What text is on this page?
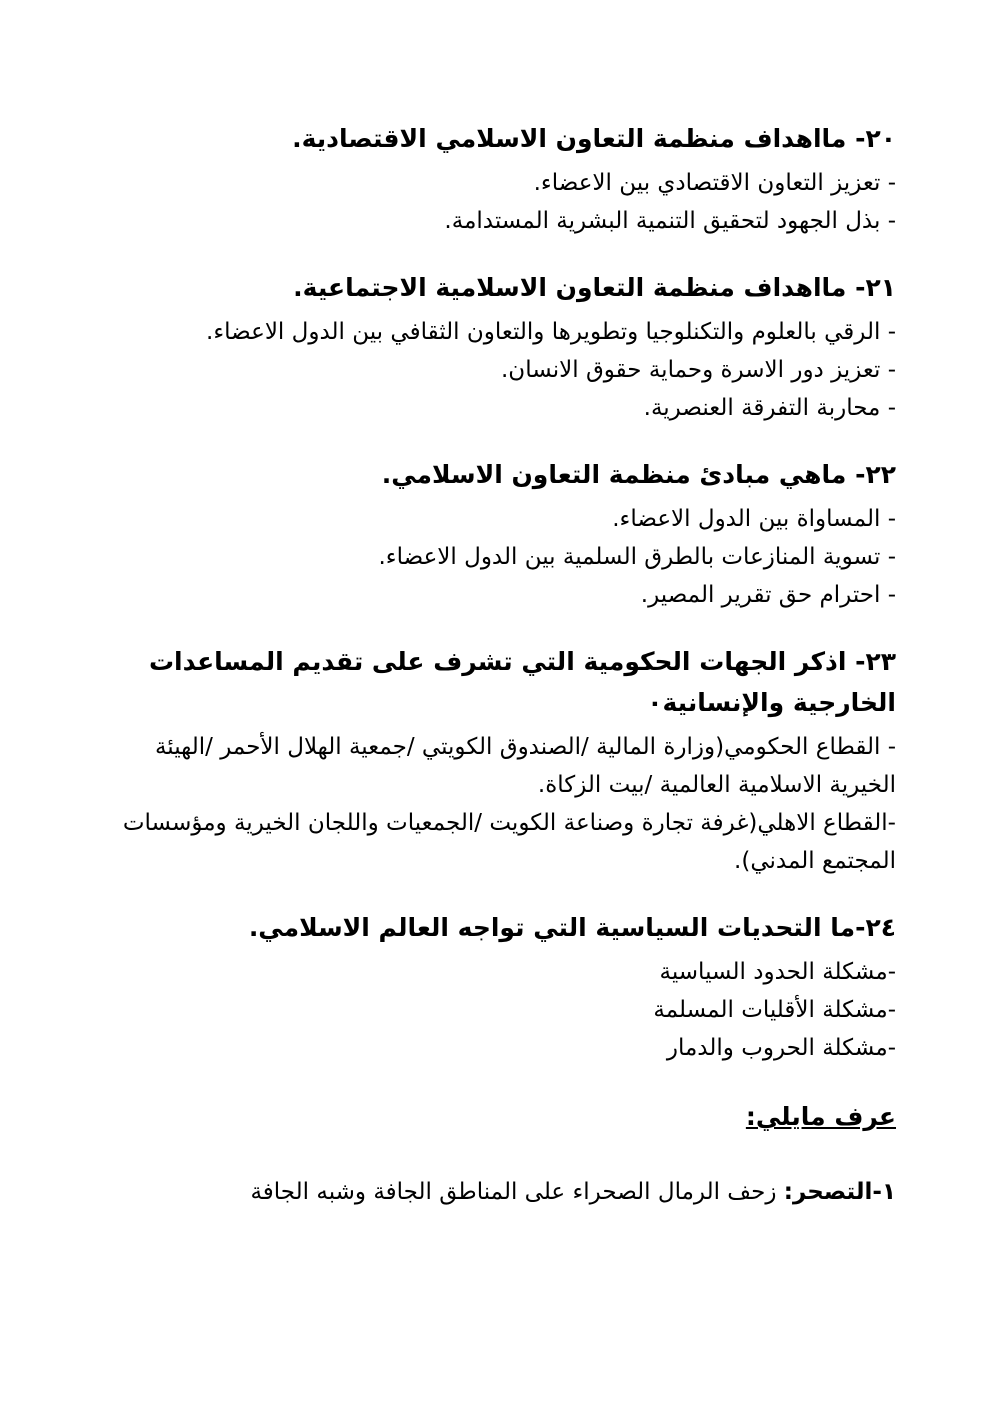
٢٠- مااهداف منظمة التعاون الاسلامي الاقتصادية.
- تعزيز التعاون الاقتصادي بين الاعضاء.
- بذل الجهود لتحقيق التنمية البشرية المستدامة.
٢١- مااهداف منظمة التعاون الاسلامية الاجتماعية.
- الرقي بالعلوم والتكنلوجيا وتطويرها والتعاون الثقافي بين الدول الاعضاء.
- تعزيز دور الاسرة وحماية حقوق الانسان.
- محاربة التفرقة العنصرية.
٢٢- ماهي مبادئ منظمة التعاون الاسلامي.
- المساواة بين الدول الاعضاء.
- تسوية المنازعات بالطرق السلمية بين الدول الاعضاء.
- احترام حق تقرير المصير.
٢٣- اذكر الجهات الحكومية التي تشرف على تقديم المساعدات الخارجية والإنسانية٠
- القطاع الحكومي(وزارة المالية /الصندوق الكويتي /جمعية الهلال الأحمر /الهيئة الخيرية الاسلامية العالمية /بيت الزكاة.
-القطاع الاهلي(غرفة تجارة وصناعة الكويت /الجمعيات واللجان الخيرية ومؤسسات المجتمع المدني).
٢٤-ما التحديات السياسية التي تواجه العالم الاسلامي.
-مشكلة الحدود السياسية
-مشكلة الأقليات المسلمة
-مشكلة الحروب والدمار
عرف مايلي:
١-التصحر: زحف الرمال الصحراء على المناطق الجافة وشبه الجافة
